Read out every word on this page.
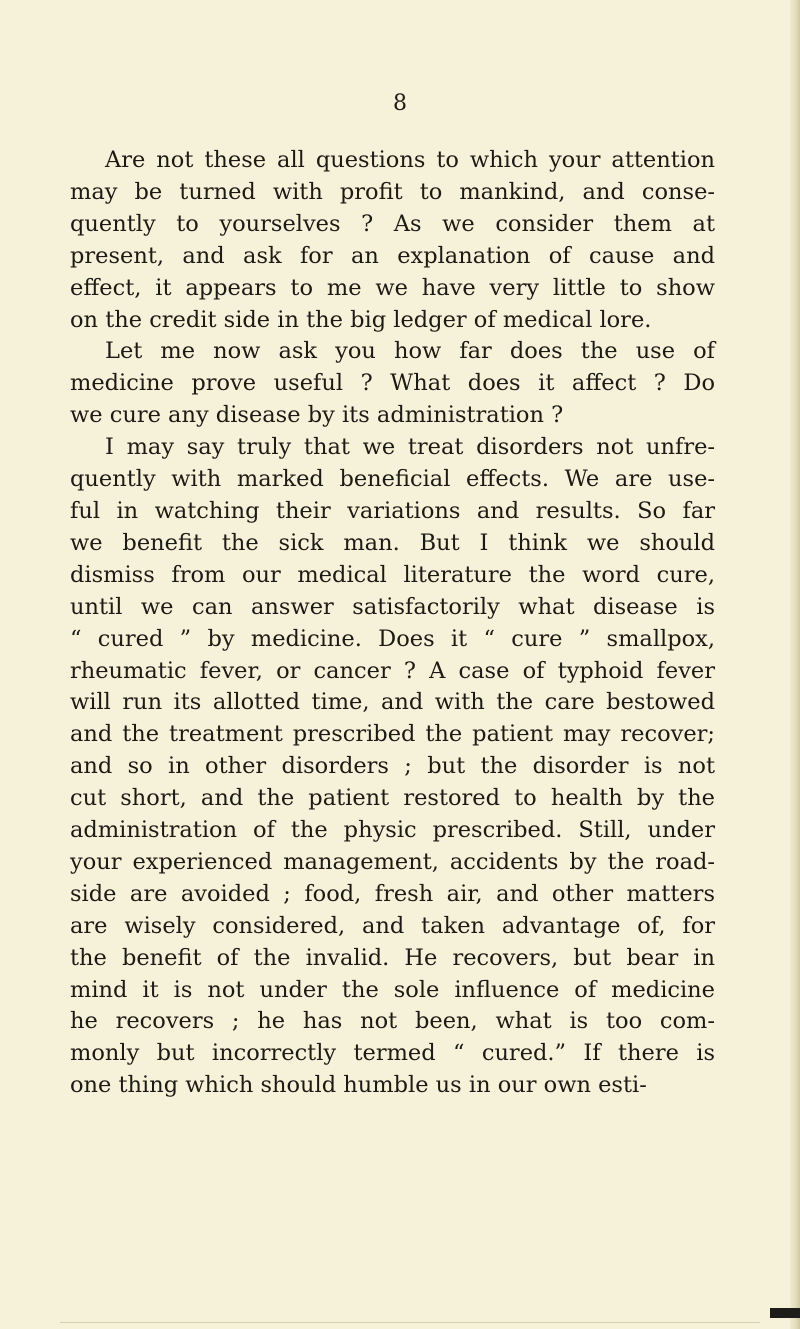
8
Are not these all questions to which your attention
may be turned with profit to mankind, and conse-
quently to yourselves ? As we consider them at
present, and ask for an explanation of cause and
effect, it appears to me we have very little to show
on the credit side in the big ledger of medical lore.
Let me now ask you how far does the use of
medicine prove useful ? What does it affect ? Do
we cure any disease by its administration ?
I may say truly that we treat disorders not unfre-
quently with marked beneficial effects. We are use-
ful in watching their variations and results. So far
we benefit the sick man. But I think we should
dismiss from our medical literature the word cure,
until we can answer satisfactorily what disease is
“ cured ” by medicine. Does it “ cure ” smallpox,
rheumatic fever, or cancer ? A case of typhoid fever
will run its allotted time, and with the care bestowed
and the treatment prescribed the patient may recover;
and so in other disorders ; but the disorder is not
cut short, and the patient restored to health by the
administration of the physic prescribed. Still, under
your experienced management, accidents by the road-
side are avoided ; food, fresh air, and other matters
are wisely considered, and taken advantage of, for
the benefit of the invalid. He recovers, but bear in
mind it is not under the sole influence of medicine
he recovers ; he has not been, what is too com-
monly but incorrectly termed “ cured.” If there is
one thing which should humble us in our own esti-
